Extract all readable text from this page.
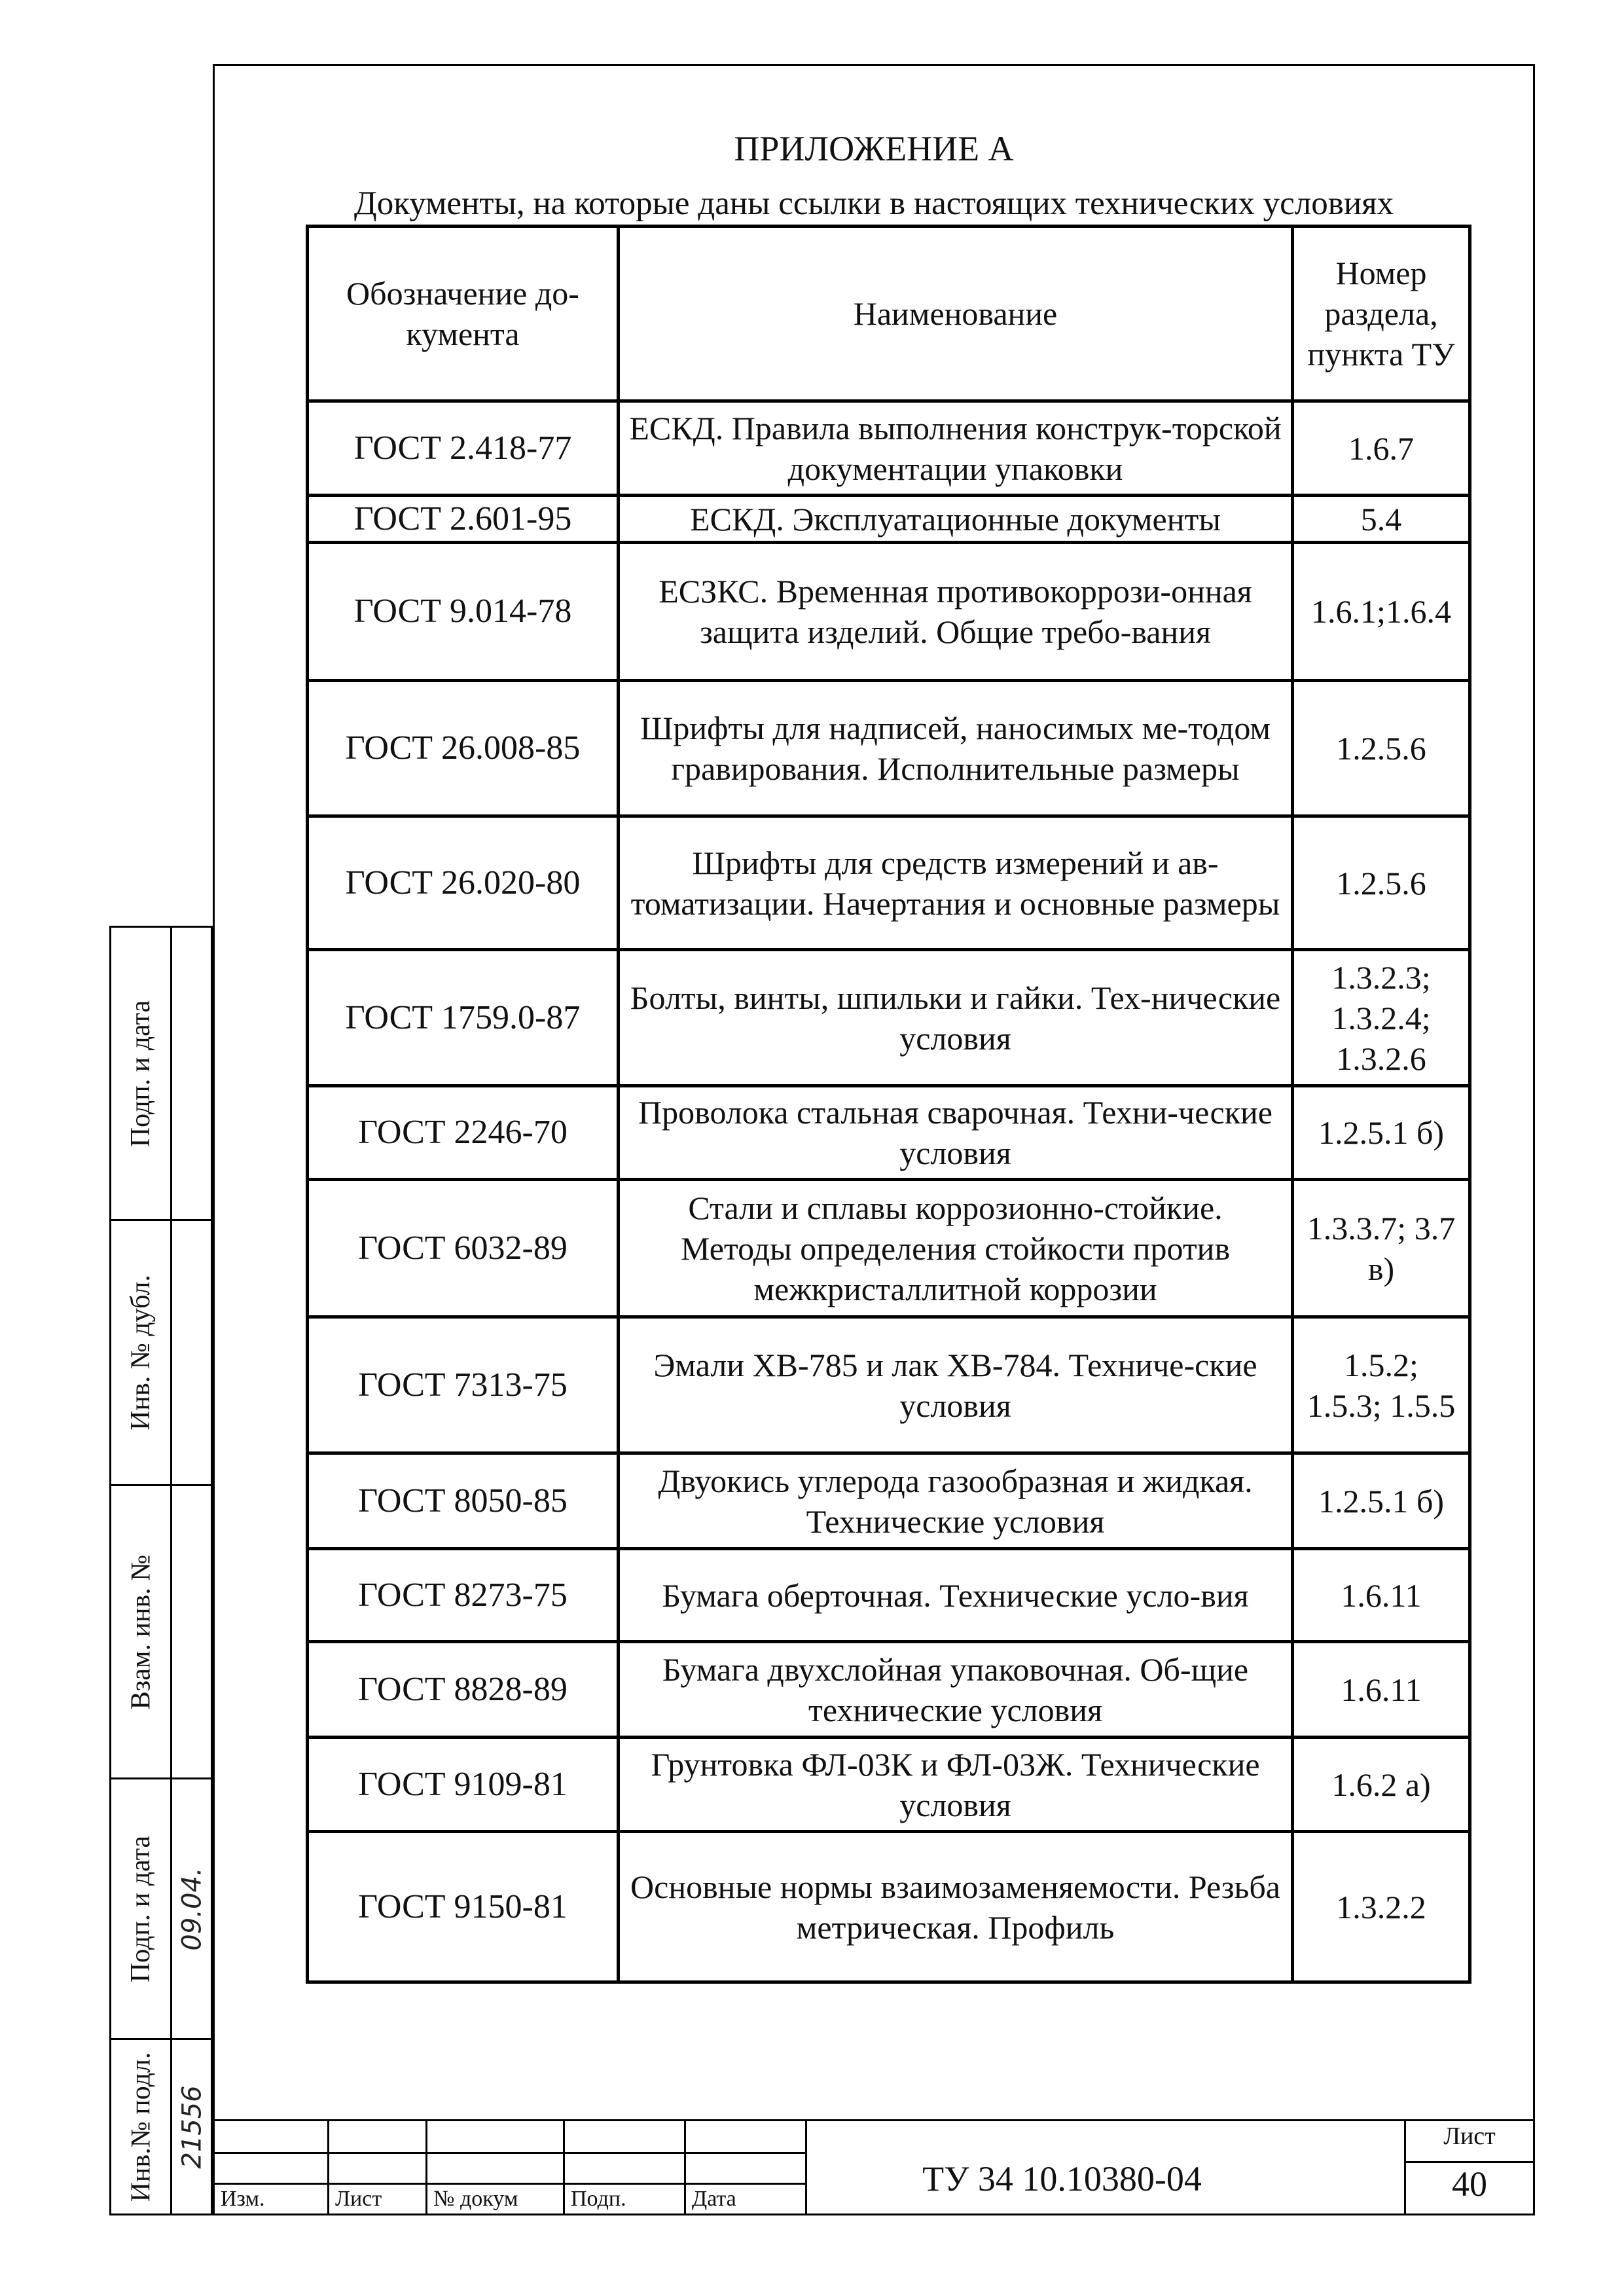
ПРИЛОЖЕНИЕ А
Документы, на которые даны ссылки в настоящих технических условиях
Обозначение до-кумента	Наименование	Номер раздела, пункта ТУ
ГОСТ 2.418-77	ЕСКД. Правила выполнения конструк-торской документации упаковки	1.6.7
ГОСТ 2.601-95	ЕСКД. Эксплуатационные документы	5.4
ГОСТ 9.014-78	ЕСЗКС. Временная противокоррози-онная защита изделий. Общие требо-вания	1.6.1;1.6.4
ГОСТ 26.008-85	Шрифты для надписей, наносимых ме-тодом гравирования. Исполнительные размеры	1.2.5.6
ГОСТ 26.020-80	Шрифты для средств измерений и ав-томатизации. Начертания и основные размеры	1.2.5.6
ГОСТ 1759.0-87	Болты, винты, шпильки и гайки. Тех-нические условия	1.3.2.3; 1.3.2.4; 1.3.2.6
ГОСТ 2246-70	Проволока стальная сварочная. Техни-ческие условия	1.2.5.1 б)
ГОСТ 6032-89	Стали и сплавы коррозионно-стойкие. Методы определения стойкости против межкристаллитной коррозии	1.3.3.7; 3.7 в)
ГОСТ 7313-75	Эмали ХВ-785 и лак ХВ-784. Техниче-ские условия	1.5.2; 1.5.3; 1.5.5
ГОСТ 8050-85	Двуокись углерода газообразная и жидкая. Технические условия	1.2.5.1 б)
ГОСТ 8273-75	Бумага оберточная. Технические усло-вия	1.6.11
ГОСТ 8828-89	Бумага двухслойная упаковочная. Об-щие технические условия	1.6.11
ГОСТ 9109-81	Грунтовка ФЛ-03К и ФЛ-03Ж. Технические условия	1.6.2 а)
ГОСТ 9150-81	Основные нормы взаимозаменяемости. Резьба метрическая. Профиль	1.3.2.2
Подп. и дата
Инв. № дубл.
Взам. инв. №
Подп. и дата 09.04.
Инв.№ подл. 21556
Изм.	Лист	№ докум	Подп.	Дата
ТУ 34 10.10380-04
Лист
40
